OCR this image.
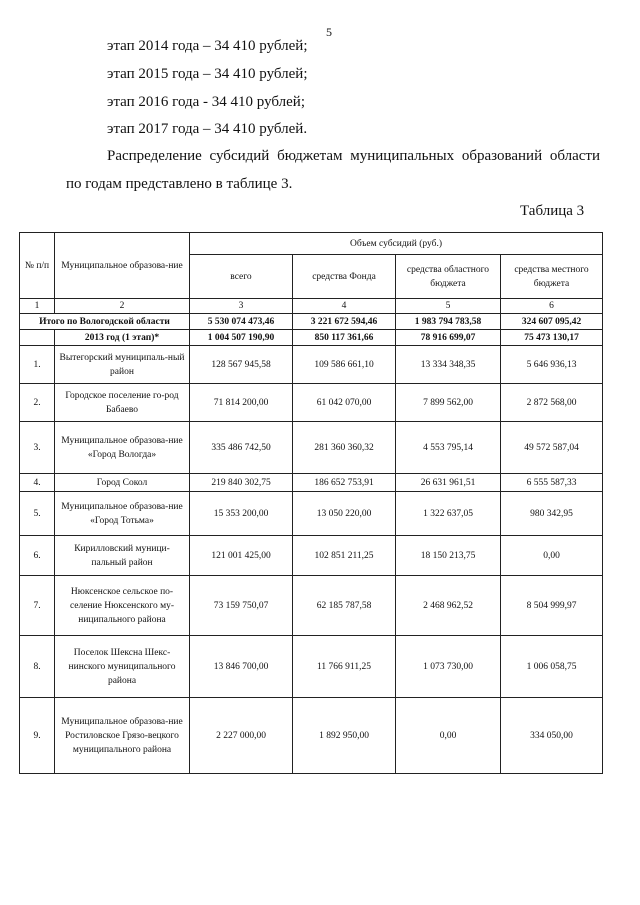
5
этап 2014 года – 34 410 рублей;
этап 2015 года – 34 410 рублей;
этап 2016 года - 34 410 рублей;
этап 2017 года – 34 410 рублей.
Распределение субсидий бюджетам муниципальных образований области
по годам представлено в таблице 3.
Таблица 3
№ п/п	Муниципальное образова-ние	Объем субсидий (руб.)			
		всего	средства Фонда	средства областного бюджета	средства местного бюджета
1	2	3	4	5	6
Итого по Вологодской области		5 530 074 473,46	3 221 672 594,46	1 983 794 783,58	324 607 095,42
	2013 год (1 этап)*	1 004 507 190,90	850 117 361,66	78 916 699,07	75 473 130,17
1.	Вытегорский муниципаль-ный район	128 567 945,58	109 586 661,10	13 334 348,35	5 646 936,13
2.	Городское поселение го-род Бабаево	71 814 200,00	61 042 070,00	7 899 562,00	2 872 568,00
3.	Муниципальное образова-ние «Город Вологда»	335 486 742,50	281 360 360,32	4 553 795,14	49 572 587,04
4.	Город Сокол	219 840 302,75	186 652 753,91	26 631 961,51	6 555 587,33
5.	Муниципальное образова-ние «Город Тотьма»	15 353 200,00	13 050 220,00	1 322 637,05	980 342,95
6.	Кирилловский муници-пальный район	121 001 425,00	102 851 211,25	18 150 213,75	0,00
7.	Нюксенское сельское по-селение Нюксенского му-ниципального района	73 159 750,07	62 185 787,58	2 468 962,52	8 504 999,97
8.	Поселок Шексна Шекс-нинского муниципального района	13 846 700,00	11 766 911,25	1 073 730,00	1 006 058,75
9.	Муниципальное образова-ние Ростиловское Грязо-вецкого муниципального района	2 227 000,00	1 892 950,00	0,00	334 050,00
